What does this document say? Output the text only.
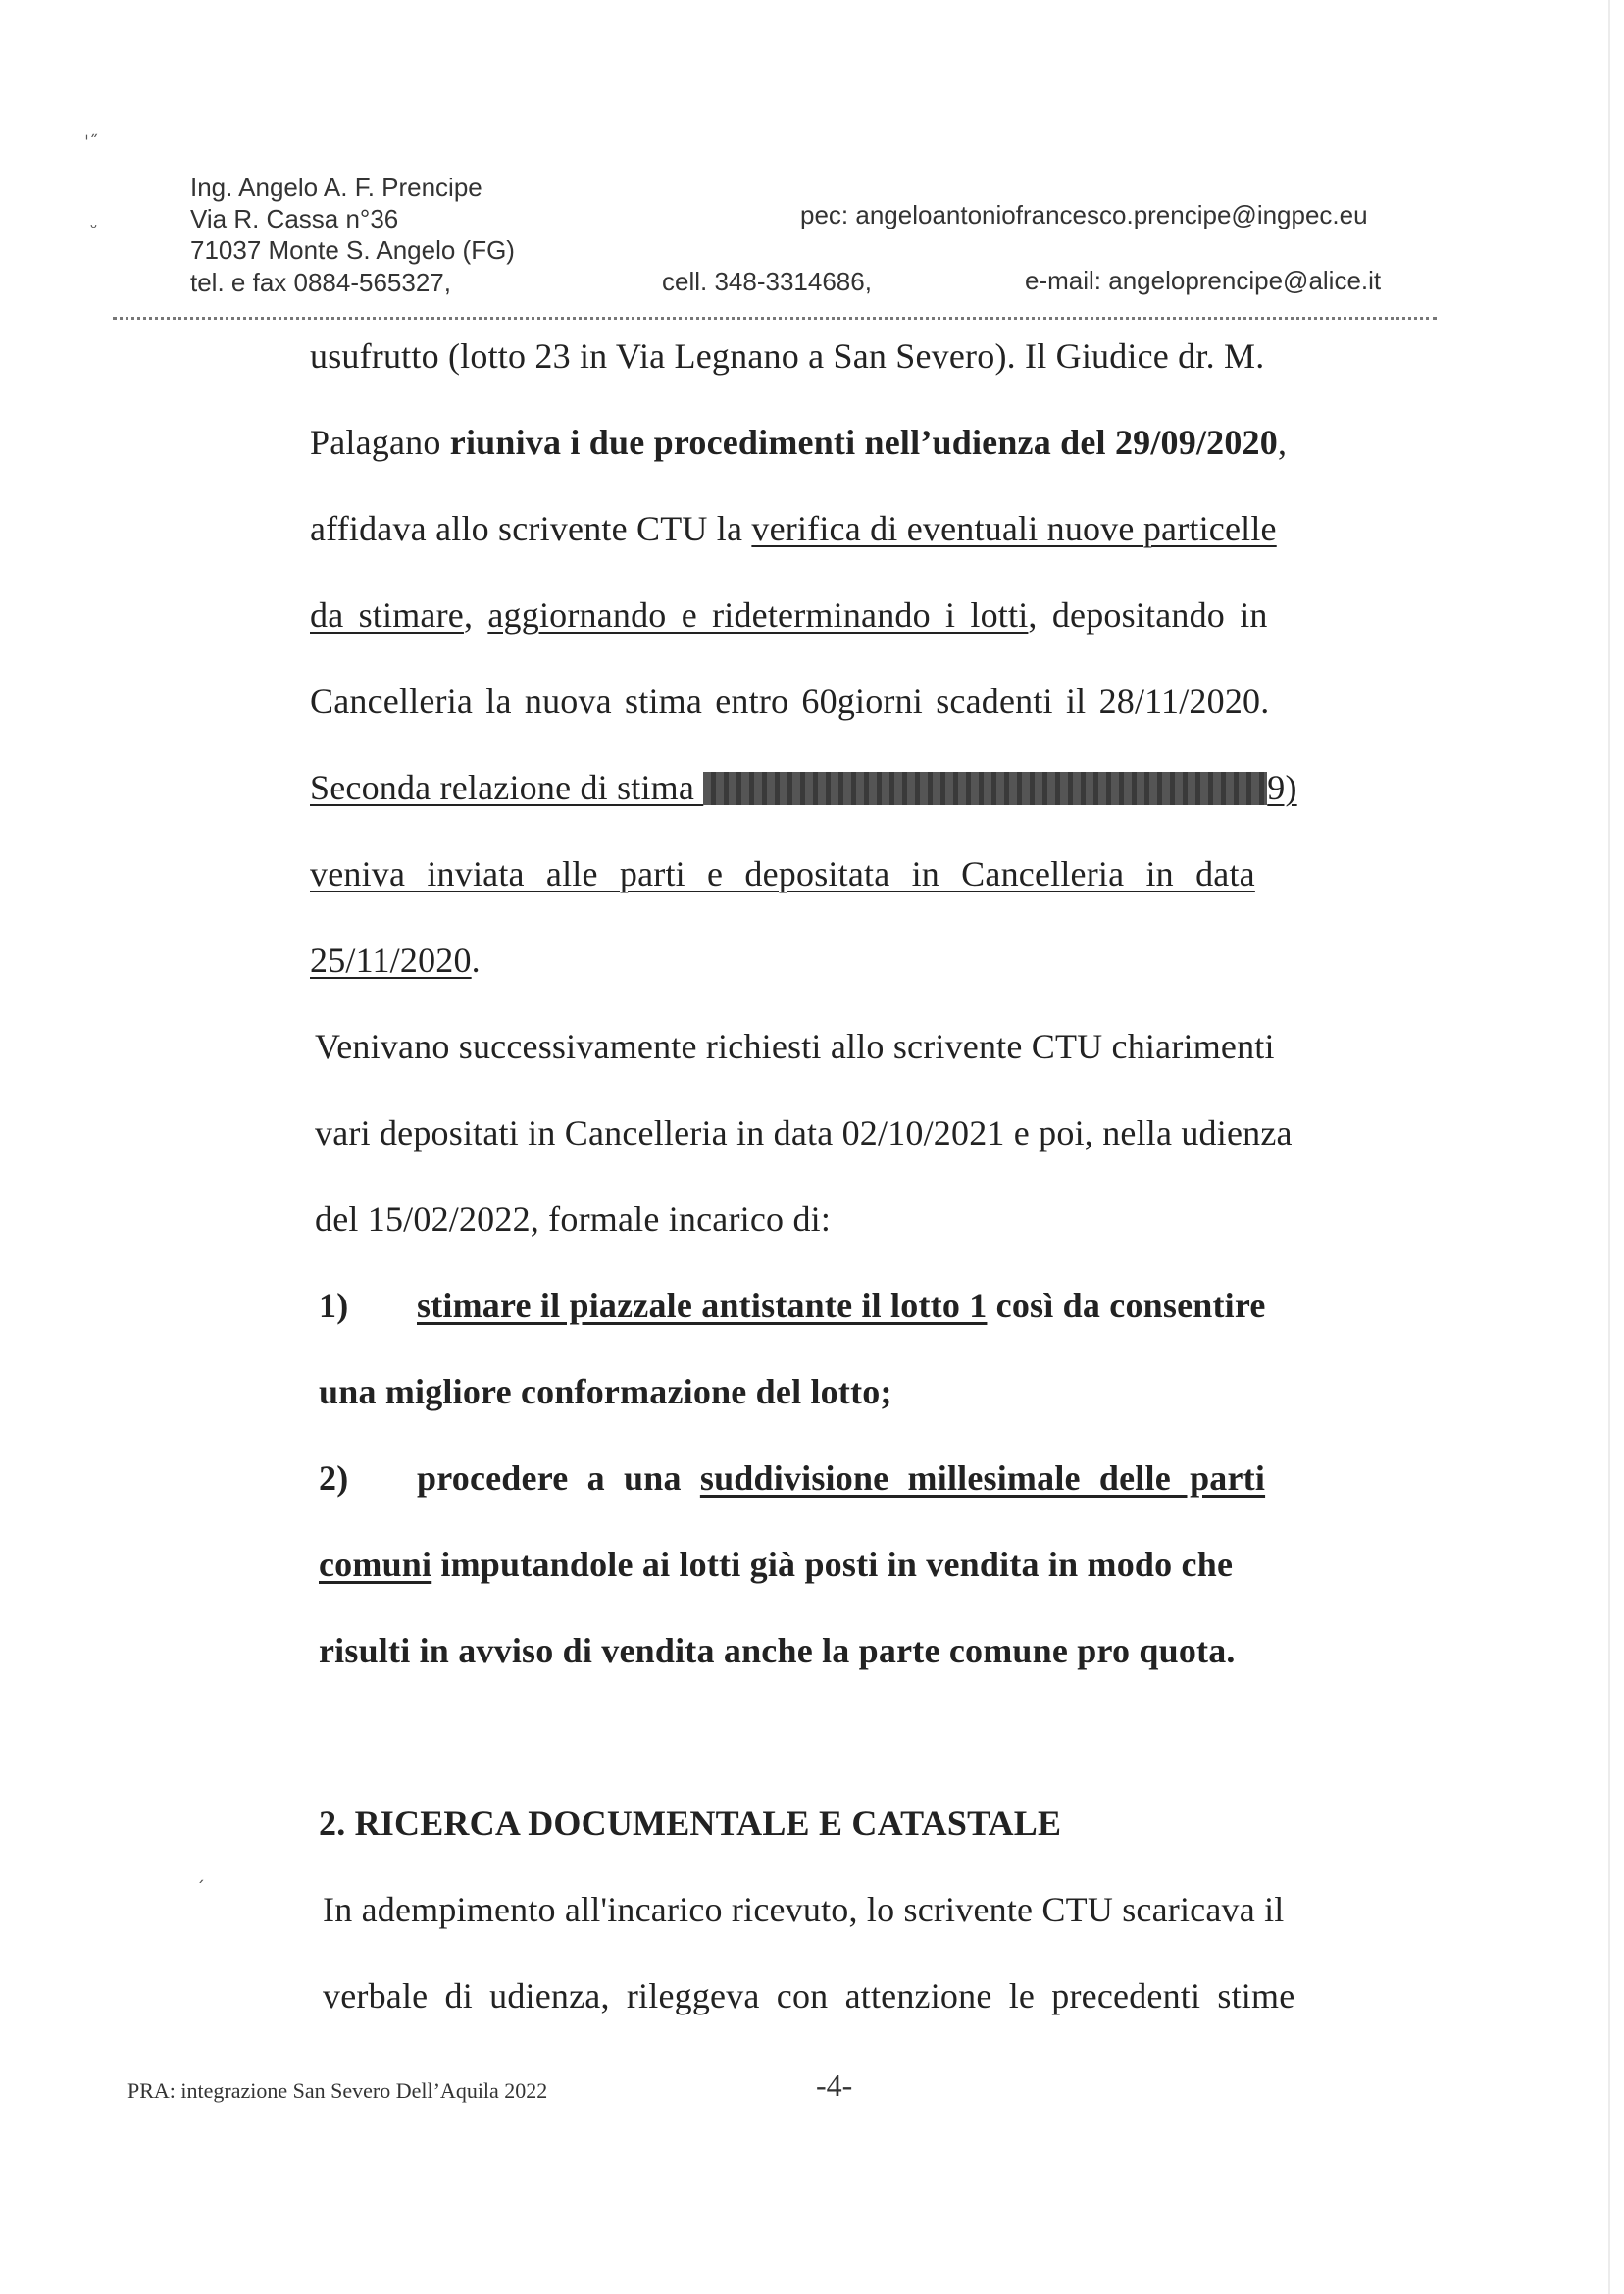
ˈ˝
ᵕ
ˏ
Ing. Angelo A. F. Prencipe
Via R. Cassa n°36
71037 Monte S. Angelo (FG)
tel. e fax 0884-565327,
pec: angeloantoniofrancesco.prencipe@ingpec.eu
cell. 348-3314686,	e-mail: angeloprencipe@alice.it
usufrutto (lotto 23 in Via Legnano a San Severo). Il Giudice dr. M.
Palagano riuniva i due procedimenti nell’udienza del 29/09/2020,
affidava allo scrivente CTU la verifica di eventuali nuove particelle
da stimare, aggiornando e rideterminando i lotti, depositando in
Cancelleria la nuova stima entro 60giorni scadenti il 28/11/2020.
Seconda relazione di stima	9)
veniva inviata alle parti e depositata in Cancelleria in data
25/11/2020.
Venivano successivamente richiesti allo scrivente CTU chiarimenti
vari depositati in Cancelleria in data 02/10/2021 e poi, nella udienza
del 15/02/2022, formale incarico di:
1) stimare il piazzale antistante il lotto 1 così da consentire
una migliore conformazione del lotto;
2) procedere a una suddivisione millesimale delle parti
comuni imputandole ai lotti già posti in vendita in modo che
risulti in avviso di vendita anche la parte comune pro quota.
2. RICERCA DOCUMENTALE E CATASTALE
In adempimento all'incarico ricevuto, lo scrivente CTU scaricava il
verbale di udienza, rileggeva con attenzione le precedenti stime
PRA: integrazione San Severo Dell’Aquila 2022	-4-
